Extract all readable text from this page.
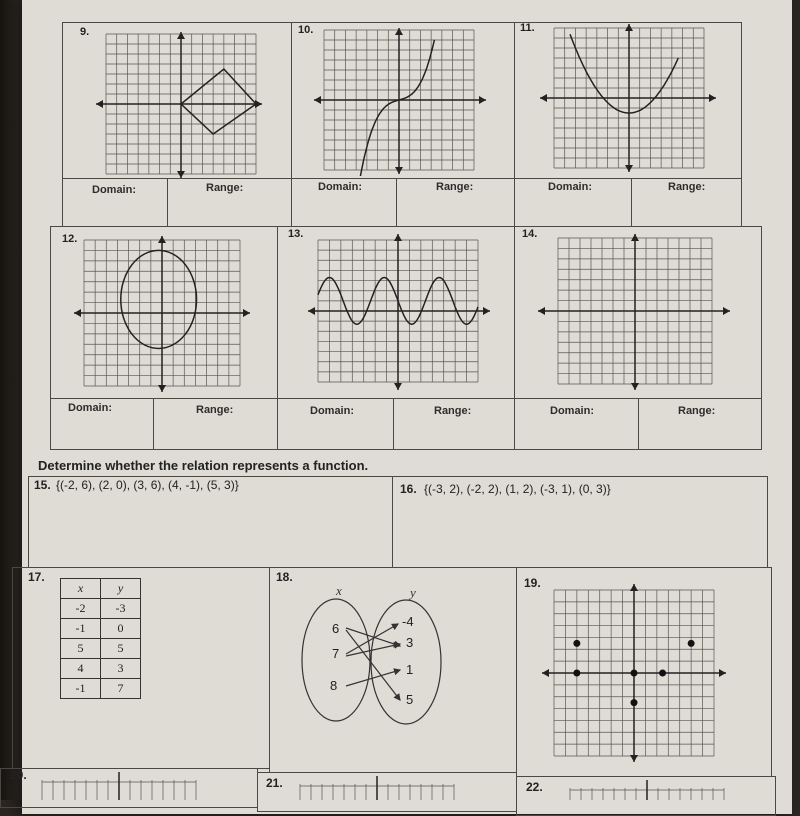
9.	10.	11.
Domain:	Range:	Domain:	Range:	Domain:	Range:
12.	13.	14.
Domain:	Range:	Domain:	Range:	Domain:	Range:
Determine whether the relation represents a function.
15. {(-2, 6), (2, 0), (3, 6), (4, -1), (5, 3)}	16. {(-3, 2), (-2, 2), (1, 2), (-3, 1), (0, 3)}
17.	18.	19.
20.
21.	22.
x	y
-2	-3
-1	0
5	5
4	3
-1	7
x	y
6
7
8
-4
3
1
5
